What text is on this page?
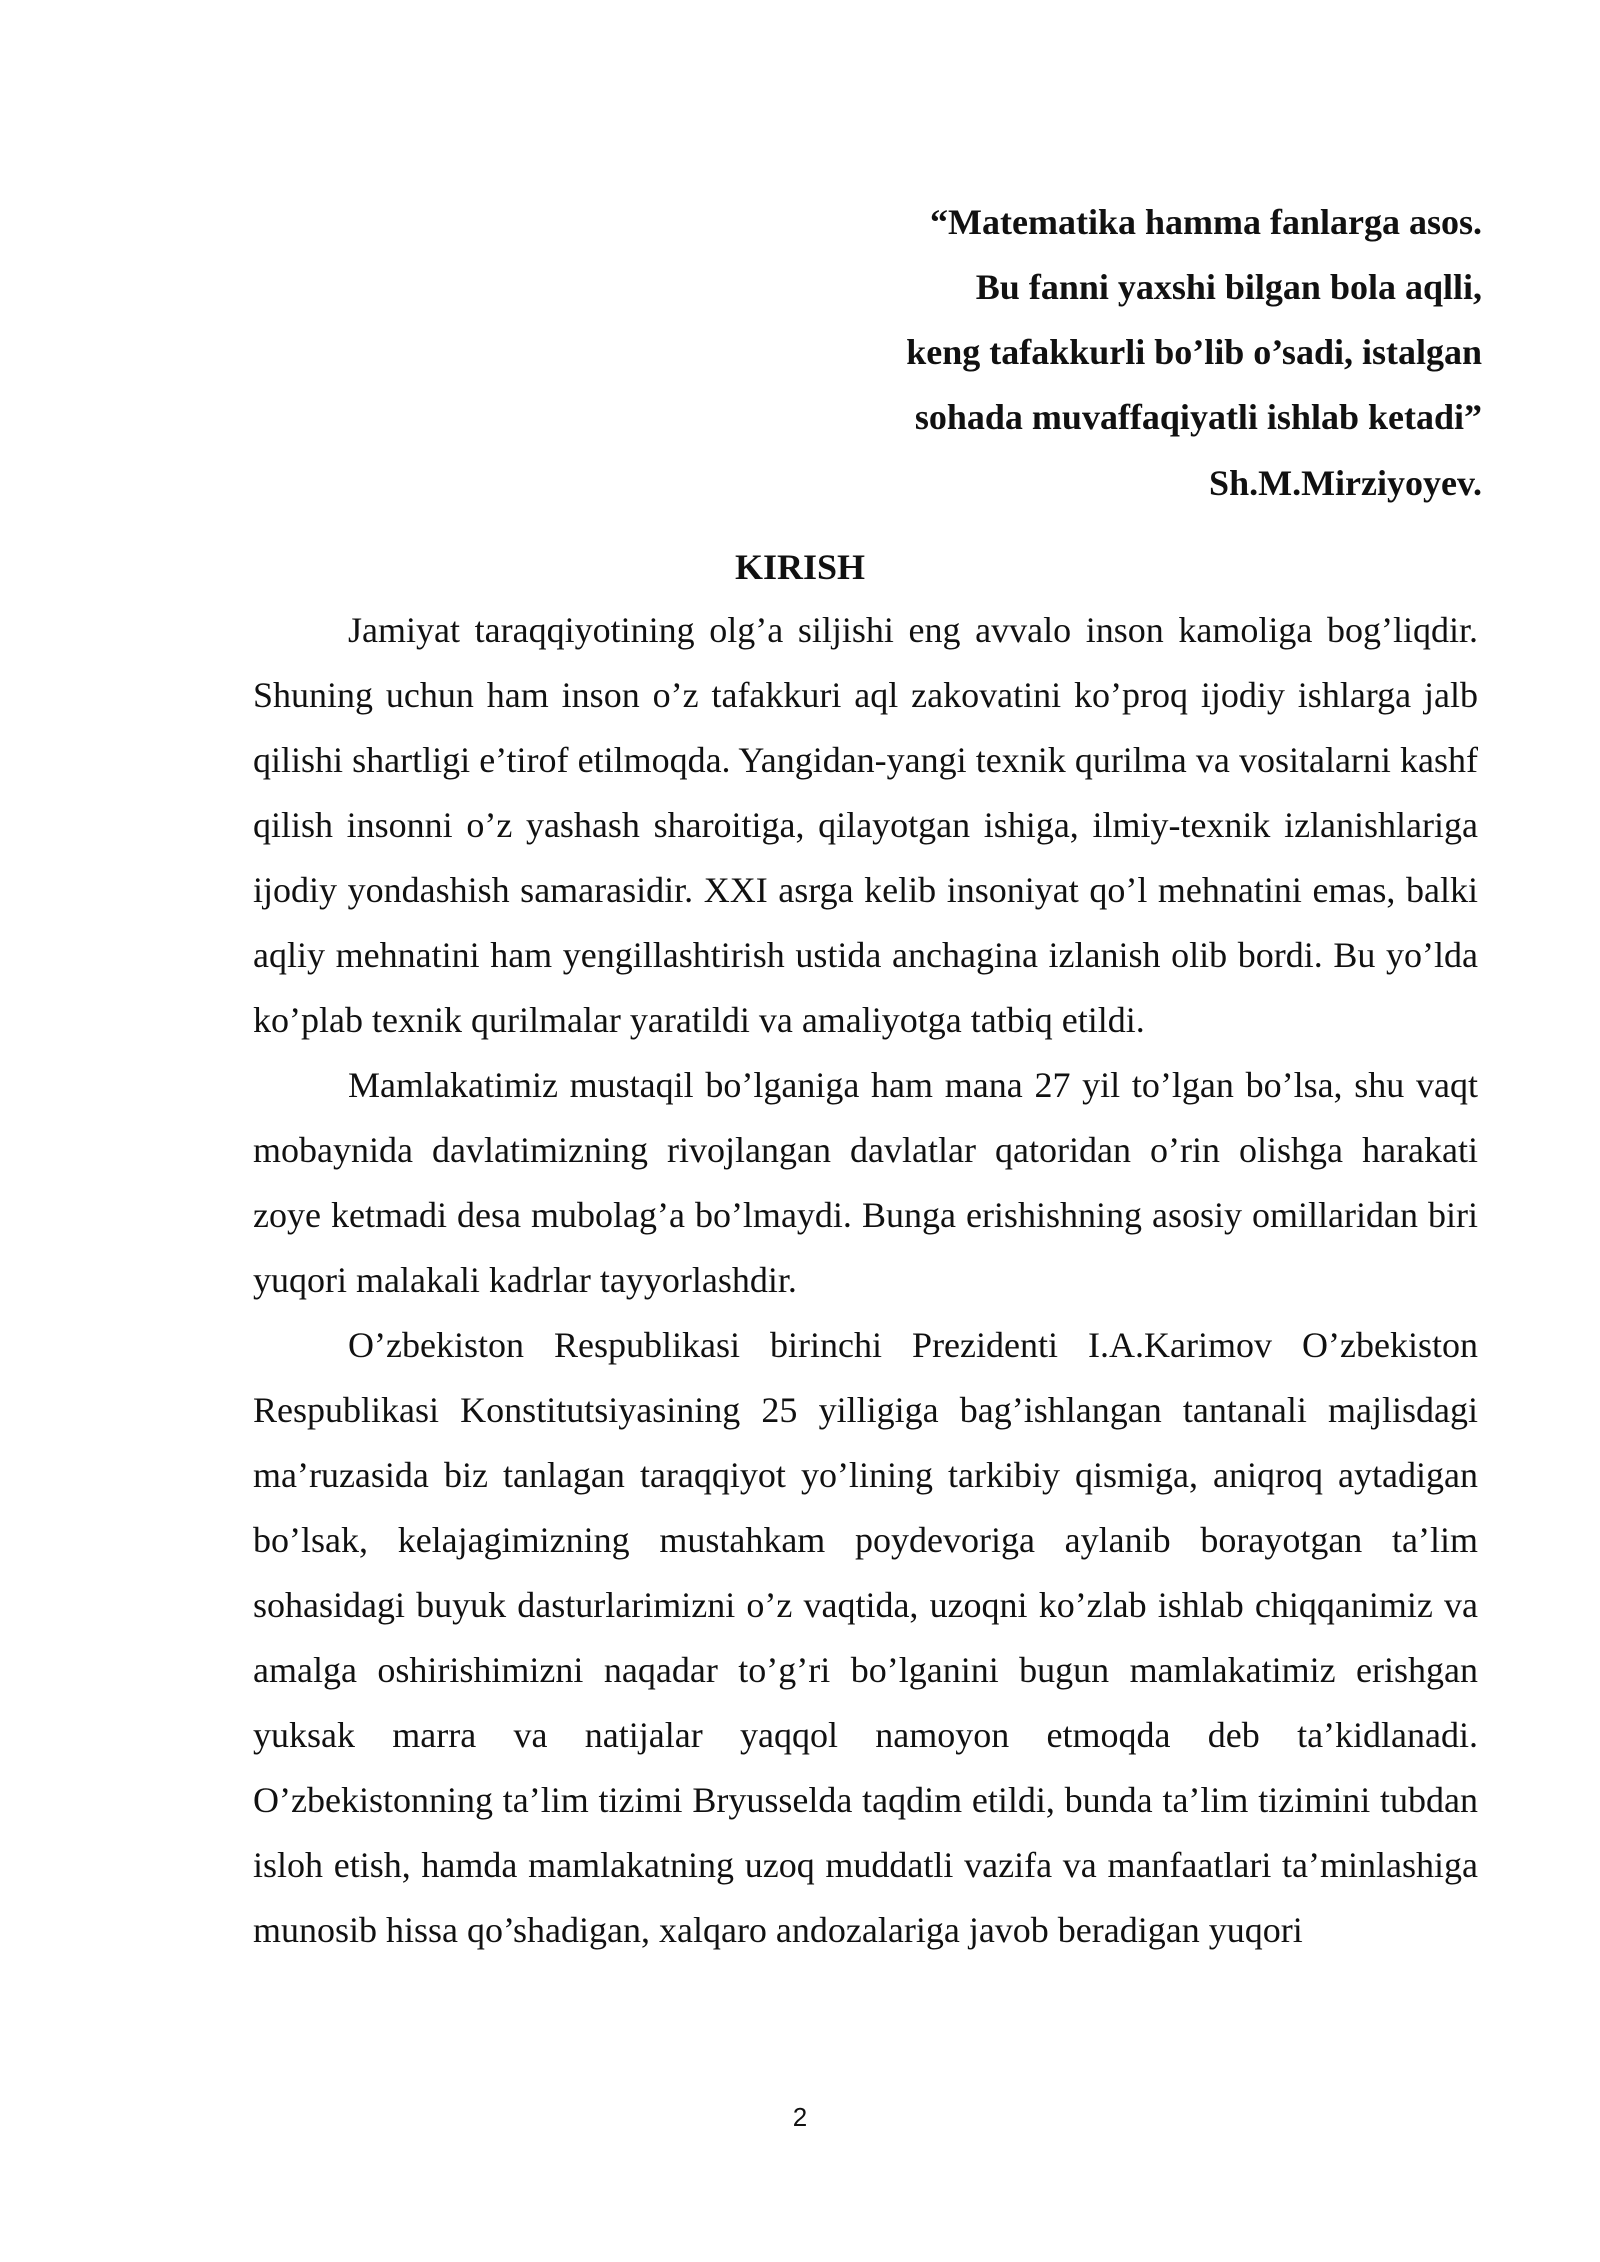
“Matematika hamma fanlarga asos.
Bu fanni yaxshi bilgan bola aqlli,
keng tafakkurli bo’lib o’sadi, istalgan
sohada muvaffaqiyatli ishlab ketadi”
Sh.M.Mirziyoyev.
KIRISH

Jamiyat taraqqiyotining olg’a siljishi eng avvalo inson kamoliga bog’liqdir. Shuning uchun ham inson o’z tafakkuri aql zakovatini ko’proq ijodiy ishlarga jalb qilishi shartligi e’tirof etilmoqda. Yangidan-yangi texnik qurilma va vositalarni kashf qilish insonni o’z yashash sharoitiga, qilayotgan ishiga, ilmiy-texnik izlanishlariga ijodiy yondashish samarasidir. XXI asrga kelib insoniyat qo’l mehnatini emas, balki aqliy mehnatini ham yengillashtirish ustida anchagina izlanish olib bordi. Bu yo’lda ko’plab texnik qurilmalar yaratildi va amaliyotga tatbiq etildi.

Mamlakatimiz mustaqil bo’lganiga ham mana 27 yil to’lgan bo’lsa, shu vaqt mobaynida davlatimizning rivojlangan davlatlar qatoridan o’rin olishga harakati zoye ketmadi desa mubolag’a bo’lmaydi. Bunga erishishning asosiy omillaridan biri yuqori malakali kadrlar tayyorlashdir.

O’zbekiston Respublikasi birinchi Prezidenti I.A.Karimov O’zbekiston Respublikasi Konstitutsiyasining 25 yilligiga bag’ishlangan tantanali majlisdagi ma’ruzasida biz tanlagan taraqqiyot yo’lining tarkibiy qismiga, aniqroq aytadigan bo’lsak, kelajagimizning mustahkam poydevoriga aylanib borayotgan ta’lim sohasidagi buyuk dasturlarimizni o’z vaqtida, uzoqni ko’zlab ishlab chiqqanimiz va amalga oshirishimizni naqadar to’g’ri bo’lganini bugun mamlakatimiz erishgan yuksak marra va natijalar yaqqol namoyon etmoqda deb ta’kidlanadi. O’zbekistonning ta’lim tizimi Bryusselda taqdim etildi, bunda ta’lim tizimini tubdan isloh etish, hamda mamlakatning uzoq muddatli vazifa va manfaatlari ta’minlashiga munosib hissa qo’shadigan, xalqaro andozalariga javob beradigan yuqori

2
